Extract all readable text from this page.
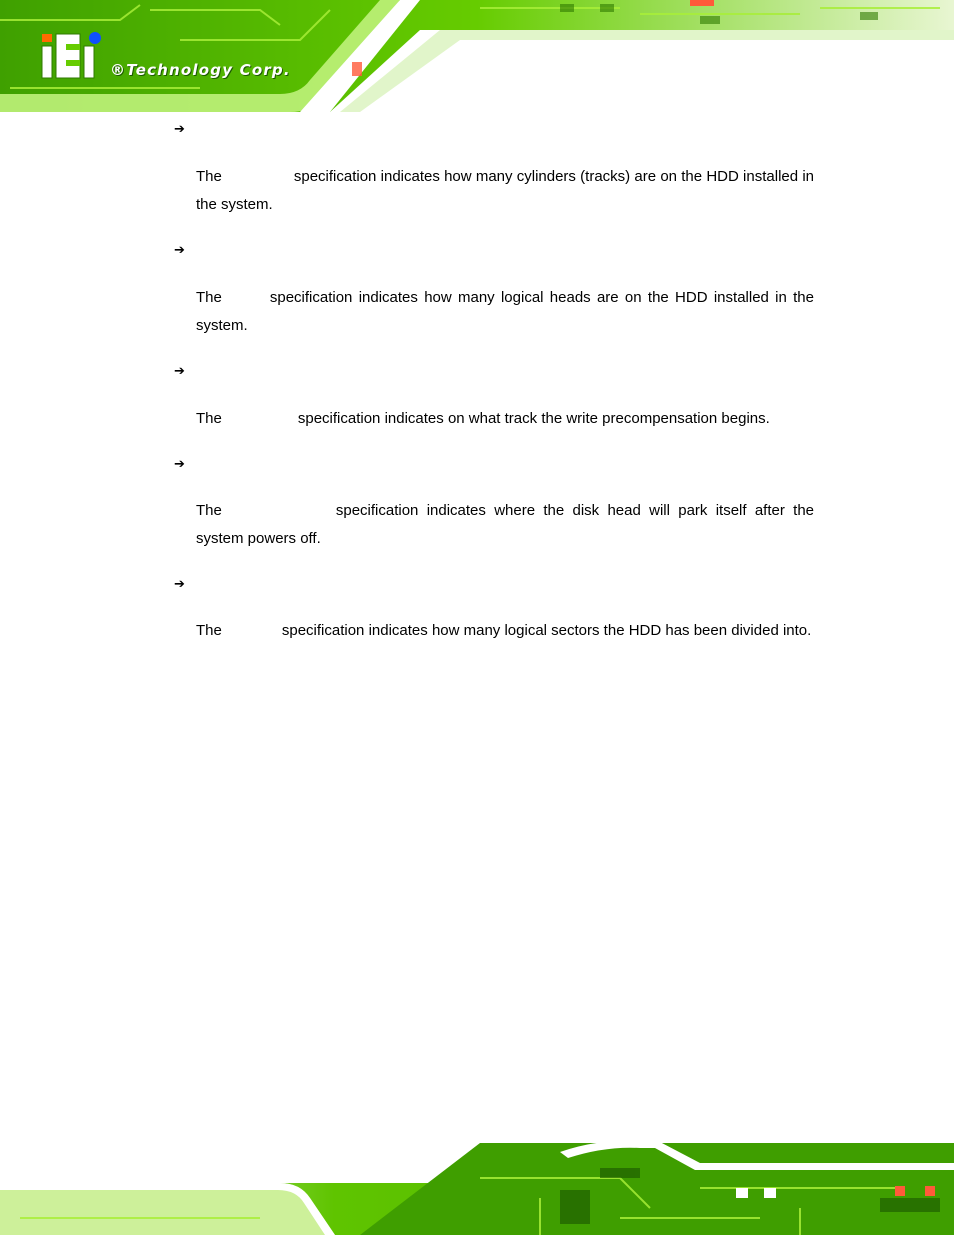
®Technology Corp.
➔
The	specification indicates how many cylinders (tracks) are on the HDD installed in the system.
➔
The	specification indicates how many logical heads are on the HDD installed in the system.
➔
The	specification indicates on what track the write precompensation begins.
➔
The	specification indicates where the disk head will park itself after the system powers off.
➔
The	specification indicates how many logical sectors the HDD has been divided into.
